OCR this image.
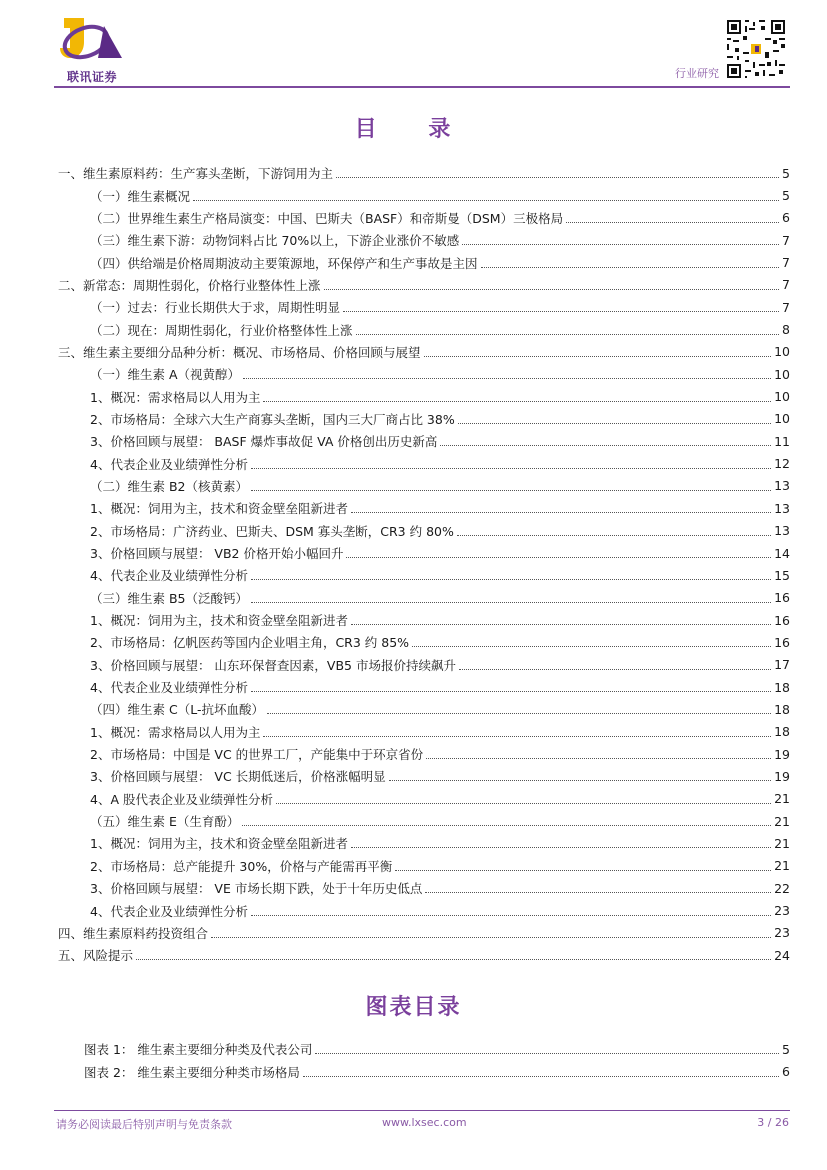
联讯证券	行业研究
目 录
一、维生素原料药：生产寡头垄断，下游饲用为主	5
（一）维生素概况	5
（二）世界维生素生产格局演变：中国、巴斯夫（BASF）和帝斯曼（DSM）三极格局	6
（三）维生素下游：动物饲料占比 70%以上，下游企业涨价不敏感	7
（四）供给端是价格周期波动主要策源地，环保停产和生产事故是主因	7
二、新常态：周期性弱化，价格行业整体性上涨	7
（一）过去：行业长期供大于求，周期性明显	7
（二）现在：周期性弱化，行业价格整体性上涨	8
三、维生素主要细分品种分析：概况、市场格局、价格回顾与展望	10
（一）维生素 A（视黄醇）	10
1、概况：需求格局以人用为主	10
2、市场格局：全球六大生产商寡头垄断，国内三大厂商占比 38%	10
3、价格回顾与展望： BASF 爆炸事故促 VA 价格创出历史新高	11
4、代表企业及业绩弹性分析	12
（二）维生素 B2（核黄素）	13
1、概况：饲用为主，技术和资金壁垒阻新进者	13
2、市场格局：广济药业、巴斯夫、DSM 寡头垄断，CR3 约 80%	13
3、价格回顾与展望： VB2 价格开始小幅回升	14
4、代表企业及业绩弹性分析	15
（三）维生素 B5（泛酸钙）	16
1、概况：饲用为主，技术和资金壁垒阻新进者	16
2、市场格局：亿帆医药等国内企业唱主角，CR3 约 85%	16
3、价格回顾与展望： 山东环保督查因素，VB5 市场报价持续飙升	17
4、代表企业及业绩弹性分析	18
（四）维生素 C（L-抗坏血酸）	18
1、概况：需求格局以人用为主	18
2、市场格局：中国是 VC 的世界工厂，产能集中于环京省份	19
3、价格回顾与展望： VC 长期低迷后，价格涨幅明显	19
4、A 股代表企业及业绩弹性分析	21
（五）维生素 E（生育酚）	21
1、概况：饲用为主，技术和资金壁垒阻新进者	21
2、市场格局：总产能提升 30%，价格与产能需再平衡	21
3、价格回顾与展望： VE 市场长期下跌，处于十年历史低点	22
4、代表企业及业绩弹性分析	23
四、维生素原料药投资组合	23
五、风险提示	24
图表目录
图表 1： 维生素主要细分种类及代表公司	5
图表 2： 维生素主要细分种类市场格局	6
请务必阅读最后特别声明与免责条款	www.lxsec.com	3 / 26
